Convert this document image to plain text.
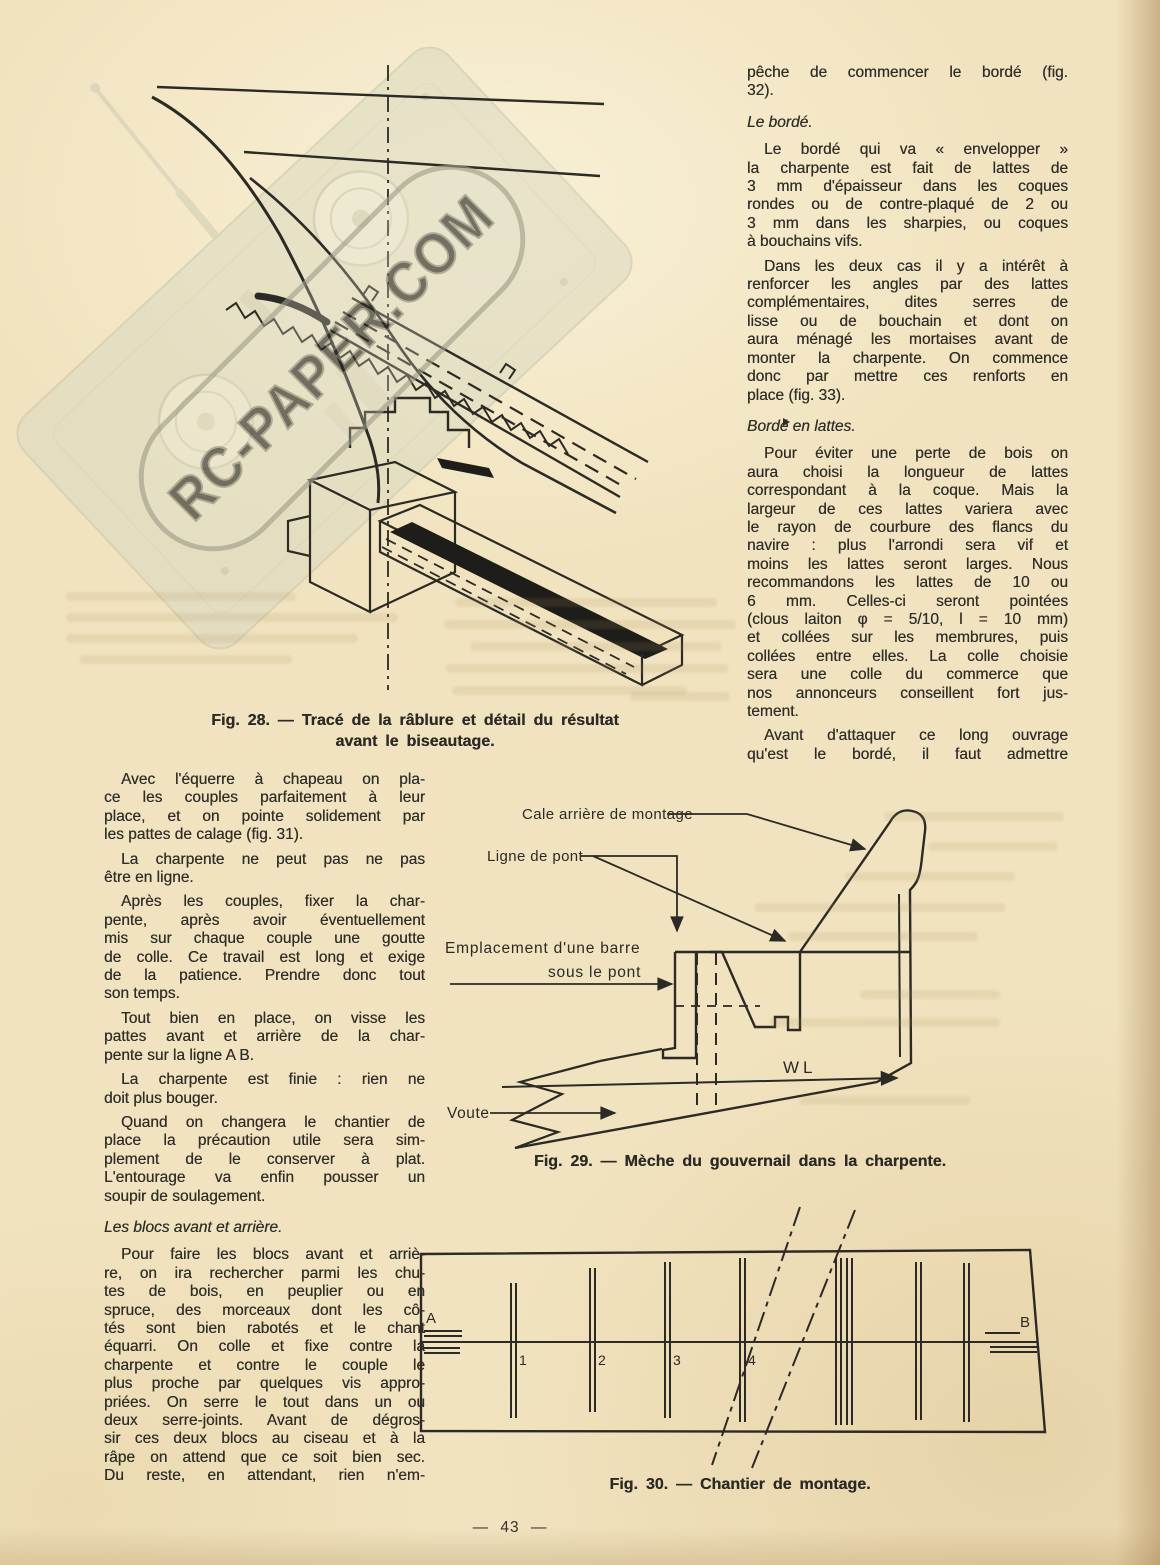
RC-PAPER.COM
Fig. 28. — Tracé de la râblure et détail du résultat
avant le biseautage.
Avec l'équerre à chapeau on pla-
ce les couples parfaitement à leur
place, et on pointe solidement par
les pattes de calage (fig. 31).
La charpente ne peut pas ne pas
être en ligne.
Après les couples, fixer la char-
pente, après avoir éventuellement
mis sur chaque couple une goutte
de colle. Ce travail est long et exige
de la patience. Prendre donc tout
son temps.
Tout bien en place, on visse les
pattes avant et arrière de la char-
pente sur la ligne A B.
La charpente est finie : rien ne
doit plus bouger.
Quand on changera le chantier de
place la précaution utile sera sim-
plement de le conserver à plat.
L'entourage va enfin pousser un
soupir de soulagement.
Les blocs avant et arrière.
Pour faire les blocs avant et arriè-
re, on ira rechercher parmi les chu-
tes de bois, en peuplier ou en
spruce, des morceaux dont les cô-
tés sont bien rabotés et le chant
équarri. On colle et fixe contre la
charpente et contre le couple le
plus proche par quelques vis appro-
priées. On serre le tout dans un ou
deux serre-joints. Avant de dégros-
sir ces deux blocs au ciseau et à la
râpe on attend que ce soit bien sec.
Du reste, en attendant, rien n'em-
pêche de commencer le bordé (fig.
32).
Le bordé.
Le bordé qui va « envelopper »
la charpente est fait de lattes de
3 mm d'épaisseur dans les coques
rondes ou de contre-plaqué de 2 ou
3 mm dans les sharpies, ou coques
à bouchains vifs.
Dans les deux cas il y a intérêt à
renforcer les angles par des lattes
complémentaires, dites serres de
lisse ou de bouchain et dont on
aura ménagé les mortaises avant de
monter la charpente. On commence
donc par mettre ces renforts en
place (fig. 33).
Bordé en lattes.
Pour éviter une perte de bois on
aura choisi la longueur de lattes
correspondant à la coque. Mais la
largeur de ces lattes variera avec
le rayon de courbure des flancs du
navire : plus l'arrondi sera vif et
moins les lattes seront larges. Nous
recommandons les lattes de 10 ou
6 mm. Celles-ci seront pointées
(clous laiton φ = 5/10, l = 10 mm)
et collées sur les membrures, puis
collées entre elles. La colle choisie
sera une colle du commerce que
nos annonceurs conseillent fort jus-
tement.
Avant d'attaquer ce long ouvrage
qu'est le bordé, il faut admettre
Cale arrière de montage
Ligne de pont
Emplacement d'une barre
sous le pont
Voute
WL
Fig. 29. — Mèche du gouvernail dans la charpente.
A	B
1	2	3	4
Fig. 30. — Chantier de montage.
— 43 —
